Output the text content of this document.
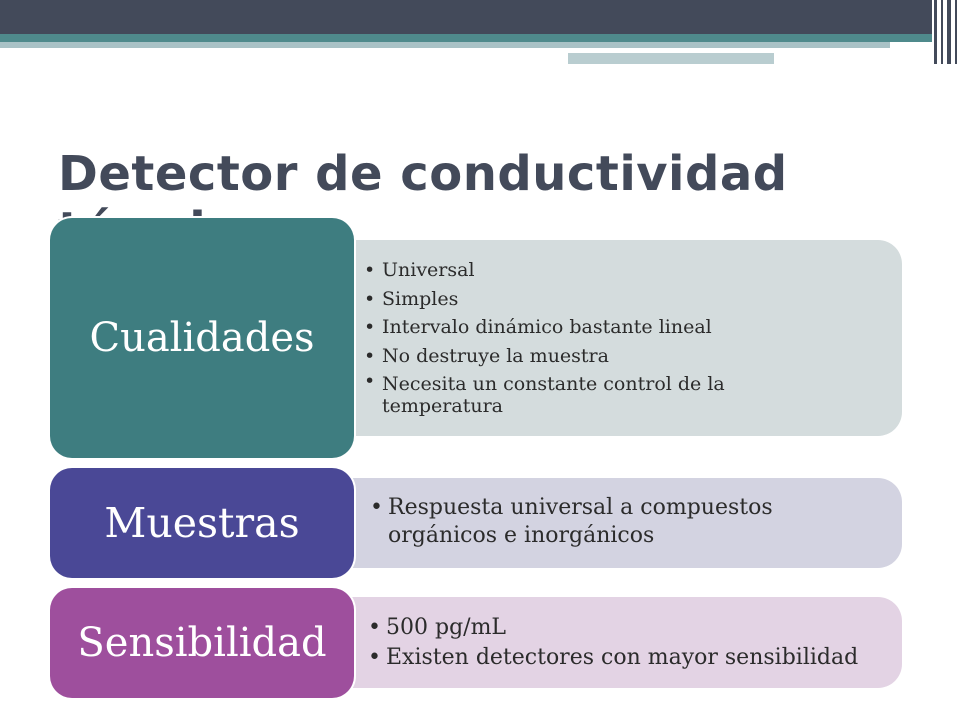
Detector de conductividad
• Universal
• Simples
• Intervalo dinámico bastante lineal
• No destruye la muestra
• Necesita un constante control de la temperatura
Cualidades
• Respuesta universal a compuestos orgánicos e inorgánicos
Muestras
• 500 pg/mL
• Existen detectores con mayor sensibilidad
Sensibilidad
